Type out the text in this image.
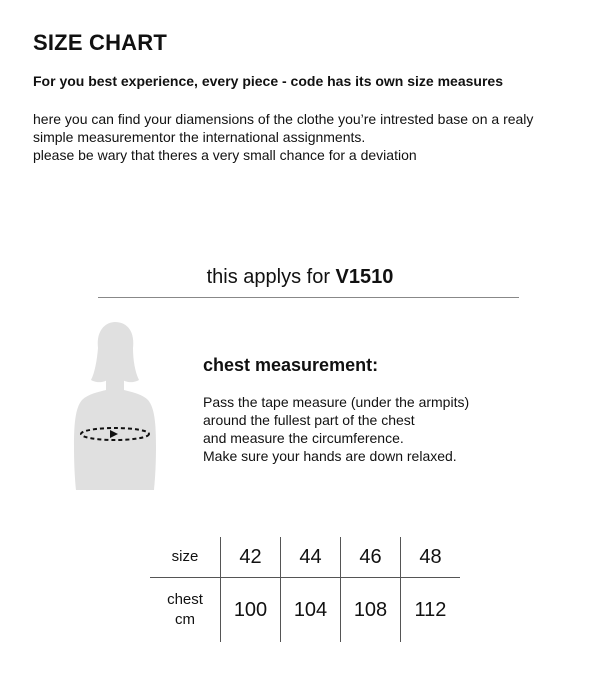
SIZE CHART

For you best experience, every piece - code has its own size measures

here you can find your diamensions of the clothe you’re intrested base on a realy
simple measurementor the international assignments.
please be wary that theres a very small chance for a deviation

this applys for V1510
chest measurement:

Pass the tape measure (under the armpits)
around the fullest part of the chest
and measure the circumference.
Make sure your hands are down relaxed.

size	42	44	46	48
chest
cm	100	104	108	112
